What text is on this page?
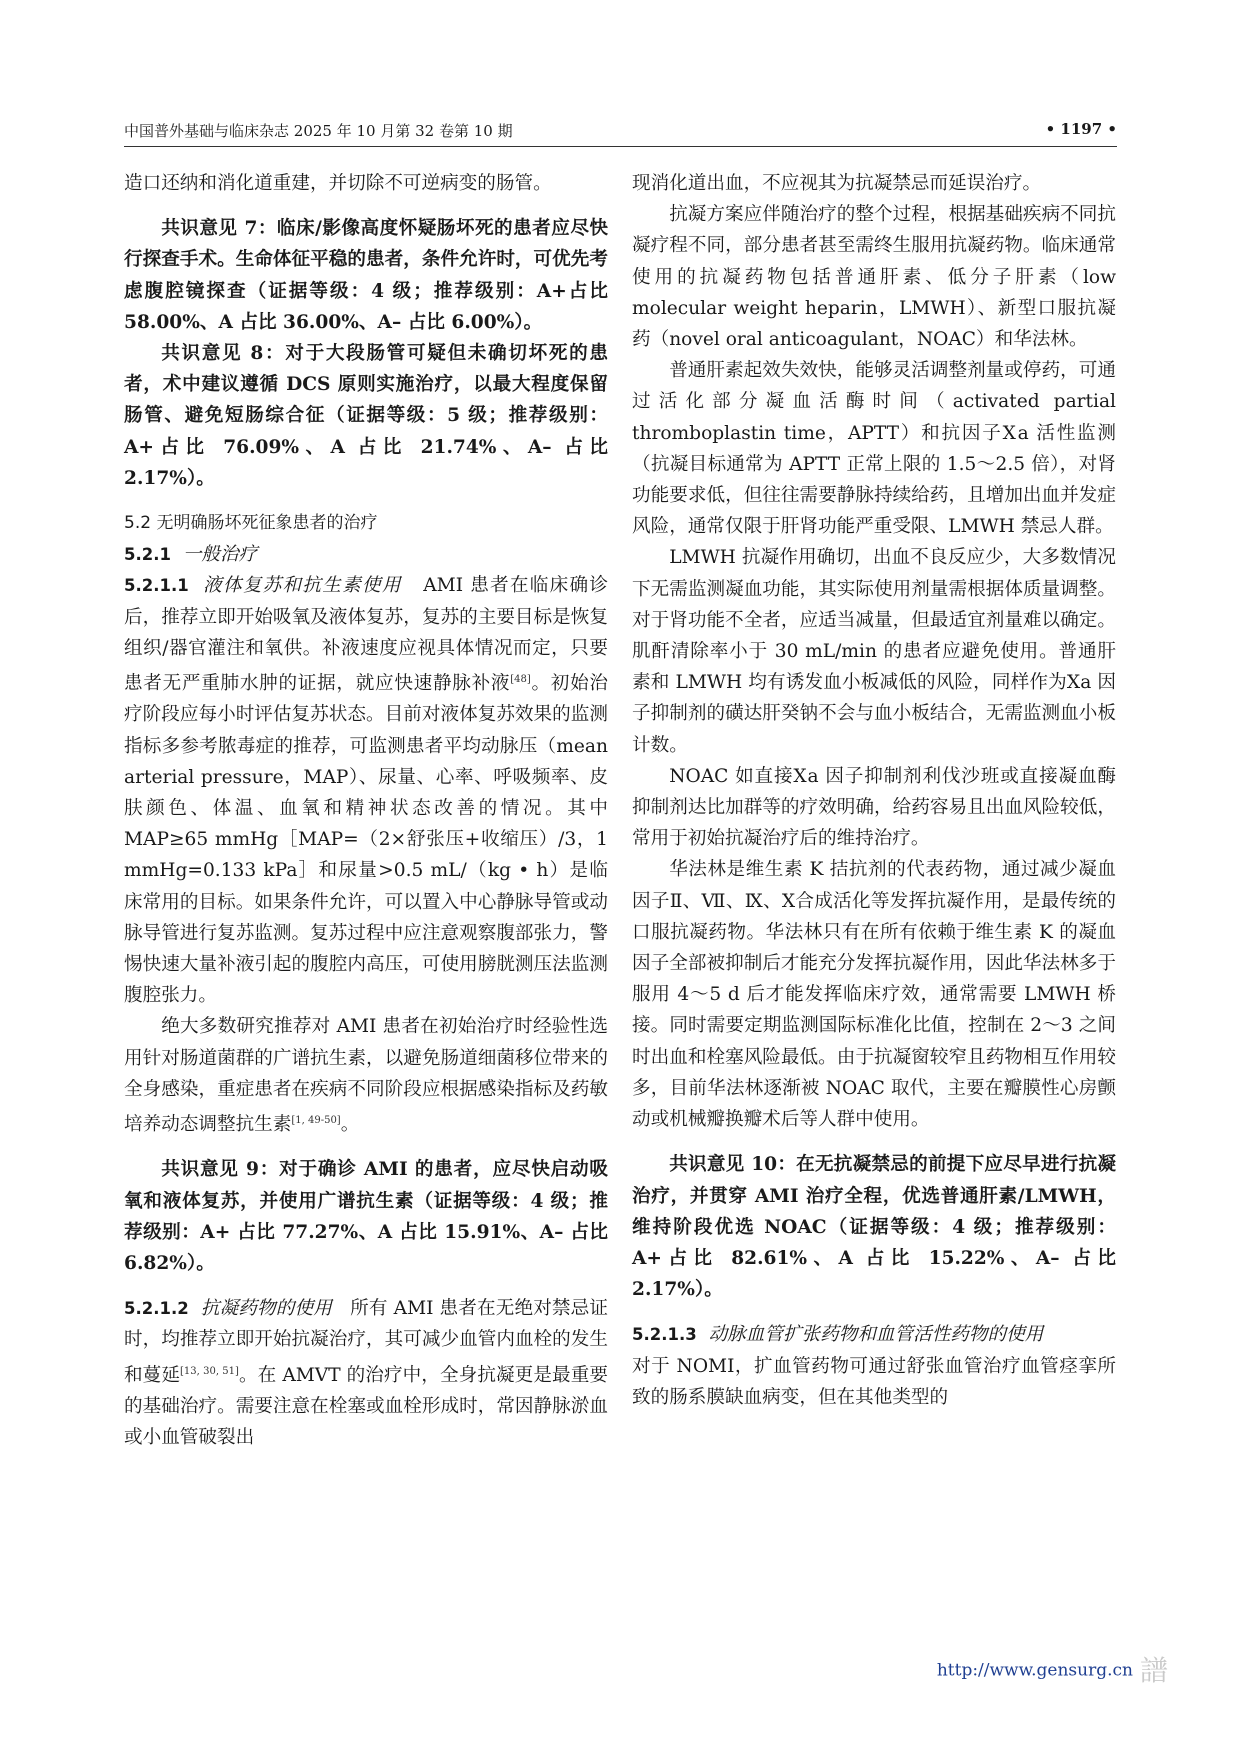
中国普外基础与临床杂志 2025 年 10 月第 32 卷第 10 期	• 1197 •

造口还纳和消化道重建，并切除不可逆病变的肠管。

共识意见 7：临床/影像高度怀疑肠坏死的患者应尽快行探查手术。生命体征平稳的患者，条件允许时，可优先考虑腹腔镜探查（证据等级：4 级；推荐级别：A+占比 58.00%、A 占比 36.00%、A– 占比 6.00%）。

共识意见 8：对于大段肠管可疑但未确切坏死的患者，术中建议遵循 DCS 原则实施治疗，以最大程度保留肠管、避免短肠综合征（证据等级：5 级；推荐级别：A+占比 76.09%、A 占比 21.74%、A– 占比 2.17%）。

5.2 无明确肠坏死征象患者的治疗

5.2.1 一般治疗

5.2.1.1 液体复苏和抗生素使用 AMI 患者在临床确诊后，推荐立即开始吸氧及液体复苏，复苏的主要目标是恢复组织/器官灌注和氧供。补液速度应视具体情况而定，只要患者无严重肺水肿的证据，就应快速静脉补液[48]。初始治疗阶段应每小时评估复苏状态。目前对液体复苏效果的监测指标多参考脓毒症的推荐，可监测患者平均动脉压（mean arterial pressure，MAP）、尿量、心率、呼吸频率、皮肤颜色、体温、血氧和精神状态改善的情况。其中 MAP≥65 mmHg［MAP=（2×舒张压+收缩压）/3，1 mmHg=0.133 kPa］和尿量>0.5 mL/（kg • h）是临床常用的目标。如果条件允许，可以置入中心静脉导管或动脉导管进行复苏监测。复苏过程中应注意观察腹部张力，警惕快速大量补液引起的腹腔内高压，可使用膀胱测压法监测腹腔张力。

绝大多数研究推荐对 AMI 患者在初始治疗时经验性选用针对肠道菌群的广谱抗生素，以避免肠道细菌移位带来的全身感染，重症患者在疾病不同阶段应根据感染指标及药敏培养动态调整抗生素[1, 49-50]。

共识意见 9：对于确诊 AMI 的患者，应尽快启动吸氧和液体复苏，并使用广谱抗生素（证据等级：4 级；推荐级别：A+ 占比 77.27%、A 占比 15.91%、A– 占比 6.82%）。

5.2.1.2 抗凝药物的使用 所有 AMI 患者在无绝对禁忌证时，均推荐立即开始抗凝治疗，其可减少血管内血栓的发生和蔓延[13, 30, 51]。在 AMVT 的治疗中，全身抗凝更是最重要的基础治疗。需要注意在栓塞或血栓形成时，常因静脉淤血或小血管破裂出

现消化道出血，不应视其为抗凝禁忌而延误治疗。

抗凝方案应伴随治疗的整个过程，根据基础疾病不同抗凝疗程不同，部分患者甚至需终生服用抗凝药物。临床通常使用的抗凝药物包括普通肝素、低分子肝素（low molecular weight heparin，LMWH）、新型口服抗凝药（novel oral anticoagulant，NOAC）和华法林。

普通肝素起效失效快，能够灵活调整剂量或停药，可通过活化部分凝血活酶时间（activated partial thromboplastin time，APTT）和抗因子Ⅹa 活性监测（抗凝目标通常为 APTT 正常上限的 1.5～2.5 倍），对肾功能要求低，但往往需要静脉持续给药，且增加出血并发症风险，通常仅限于肝肾功能严重受限、LMWH 禁忌人群。

LMWH 抗凝作用确切，出血不良反应少，大多数情况下无需监测凝血功能，其实际使用剂量需根据体质量调整。对于肾功能不全者，应适当减量，但最适宜剂量难以确定。肌酐清除率小于 30 mL/min 的患者应避免使用。普通肝素和 LMWH 均有诱发血小板减低的风险，同样作为Ⅹa 因子抑制剂的磺达肝癸钠不会与血小板结合，无需监测血小板计数。

NOAC 如直接Ⅹa 因子抑制剂利伐沙班或直接凝血酶抑制剂达比加群等的疗效明确，给药容易且出血风险较低，常用于初始抗凝治疗后的维持治疗。

华法林是维生素 K 拮抗剂的代表药物，通过减少凝血因子Ⅱ、Ⅶ、Ⅸ、Ⅹ合成活化等发挥抗凝作用，是最传统的口服抗凝药物。华法林只有在所有依赖于维生素 K 的凝血因子全部被抑制后才能充分发挥抗凝作用，因此华法林多于服用 4～5 d 后才能发挥临床疗效，通常需要 LMWH 桥接。同时需要定期监测国际标准化比值，控制在 2～3 之间时出血和栓塞风险最低。由于抗凝窗较窄且药物相互作用较多，目前华法林逐渐被 NOAC 取代，主要在瓣膜性心房颤动或机械瓣换瓣术后等人群中使用。

共识意见 10：在无抗凝禁忌的前提下应尽早进行抗凝治疗，并贯穿 AMI 治疗全程，优选普通肝素/LMWH，维持阶段优选 NOAC（证据等级：4 级；推荐级别：A+占比 82.61%、A 占比 15.22%、A– 占比 2.17%）。

5.2.1.3 动脉血管扩张药物和血管活性药物的使用

对于 NOMI，扩血管药物可通过舒张血管治疗血管痉挛所致的肠系膜缺血病变，但在其他类型的

http://www.gensurg.cn 譜
